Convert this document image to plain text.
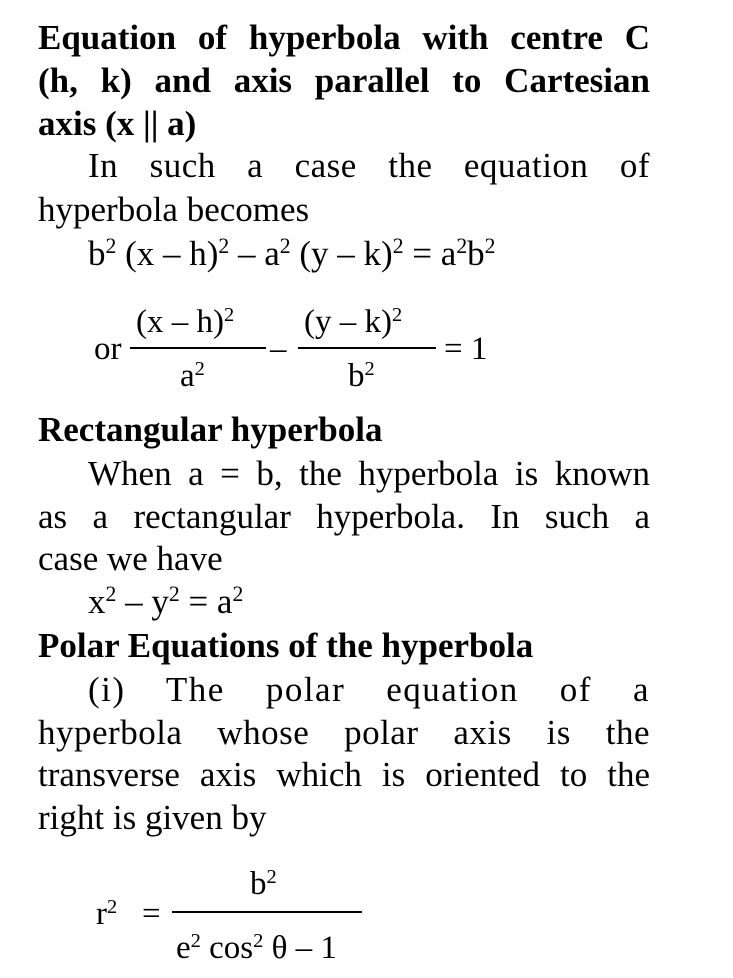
Equation of hyperbola with centre C
(h, k) and axis parallel to Cartesian
axis (x || a)
In such a case the equation of
hyperbola becomes
$b^2$ $(x - h)^2 - a^2$ $(y - k)^2 = a^2b^2$
or
(x – h)$^2$
$a^2$
–
(y – k)$^2$
$b^2$
= 1
Rectangular hyperbola
When a = b, the hyperbola is known
as a rectangular hyperbola. In such a
case we have
$x^2 - y^2 = a^2$
Polar Equations of the hyperbola
(i) The polar equation of a
hyperbola whose polar axis is the
transverse axis which is oriented to the
right is given by
$r^2$ =
$b^2$
$e^2$ $\cos^2 \theta - 1$
